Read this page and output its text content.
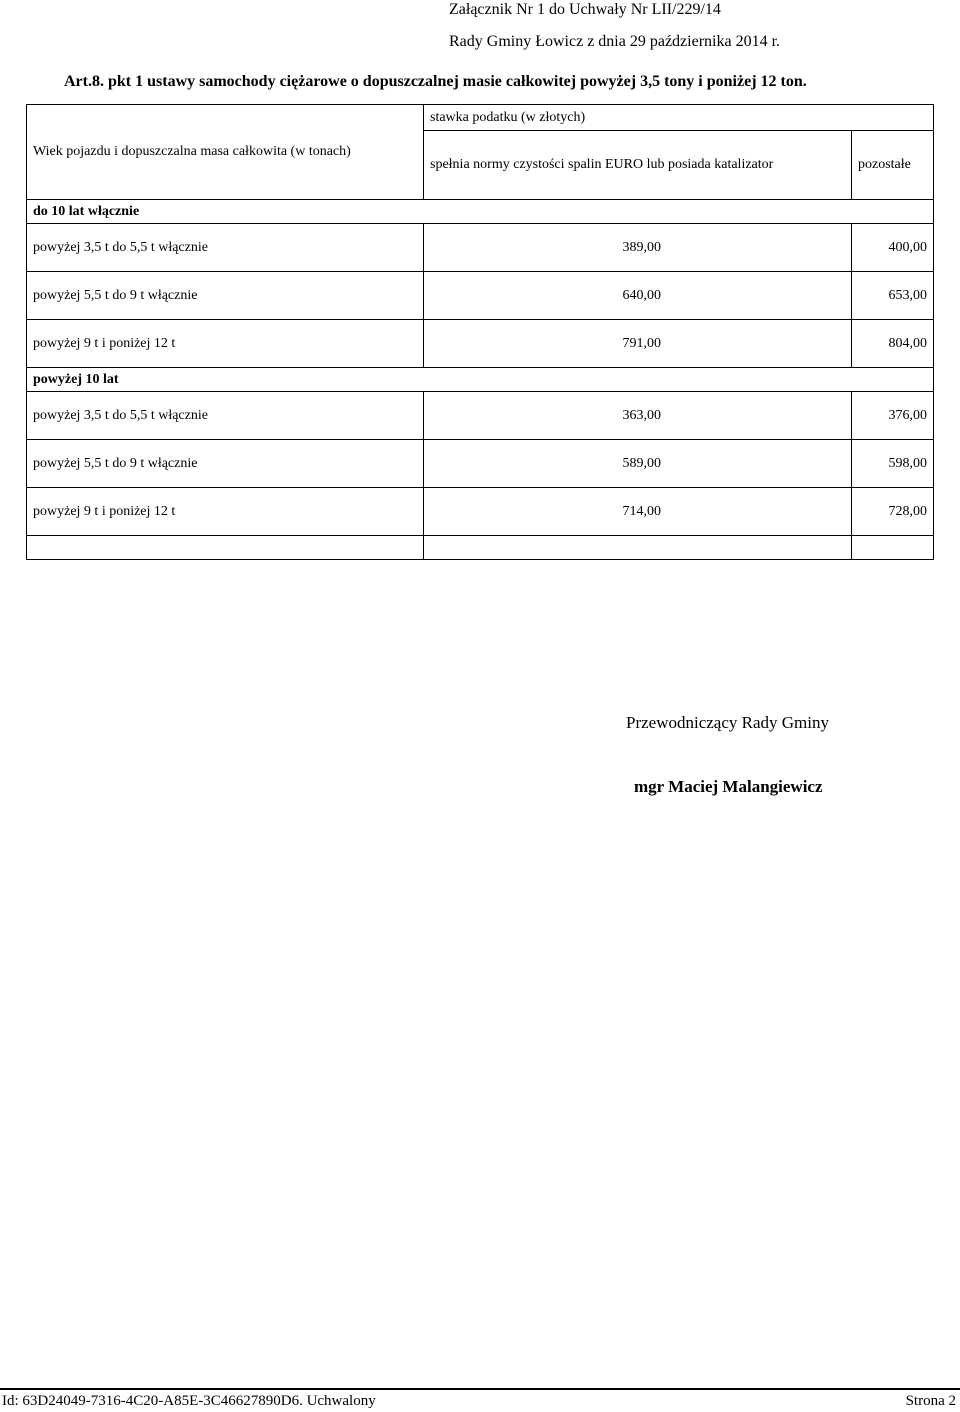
Załącznik Nr 1 do Uchwały Nr LII/229/14
Rady Gminy Łowicz z dnia 29 października 2014 r.
Art.8. pkt 1 ustawy samochody ciężarowe o dopuszczalnej masie całkowitej powyżej 3,5 tony i poniżej 12 ton.
Wiek pojazdu i dopuszczalna masa całkowita (w tonach)	stawka podatku (w złotych)	
	spełnia normy czystości spalin EURO lub posiada katalizator	pozostałe
do 10 lat włącznie		
powyżej 3,5 t do 5,5 t włącznie	389,00	400,00
powyżej 5,5 t do 9 t włącznie	640,00	653,00
powyżej 9 t i poniżej 12 t	791,00	804,00
powyżej 10 lat		
powyżej 3,5 t do 5,5 t włącznie	363,00	376,00
powyżej 5,5 t do 9 t włącznie	589,00	598,00
powyżej 9 t i poniżej 12 t	714,00	728,00

Przewodniczący Rady Gminy
mgr Maciej Malangiewicz
Id: 63D24049-7316-4C20-A85E-3C46627890D6. Uchwalony	Strona 2
